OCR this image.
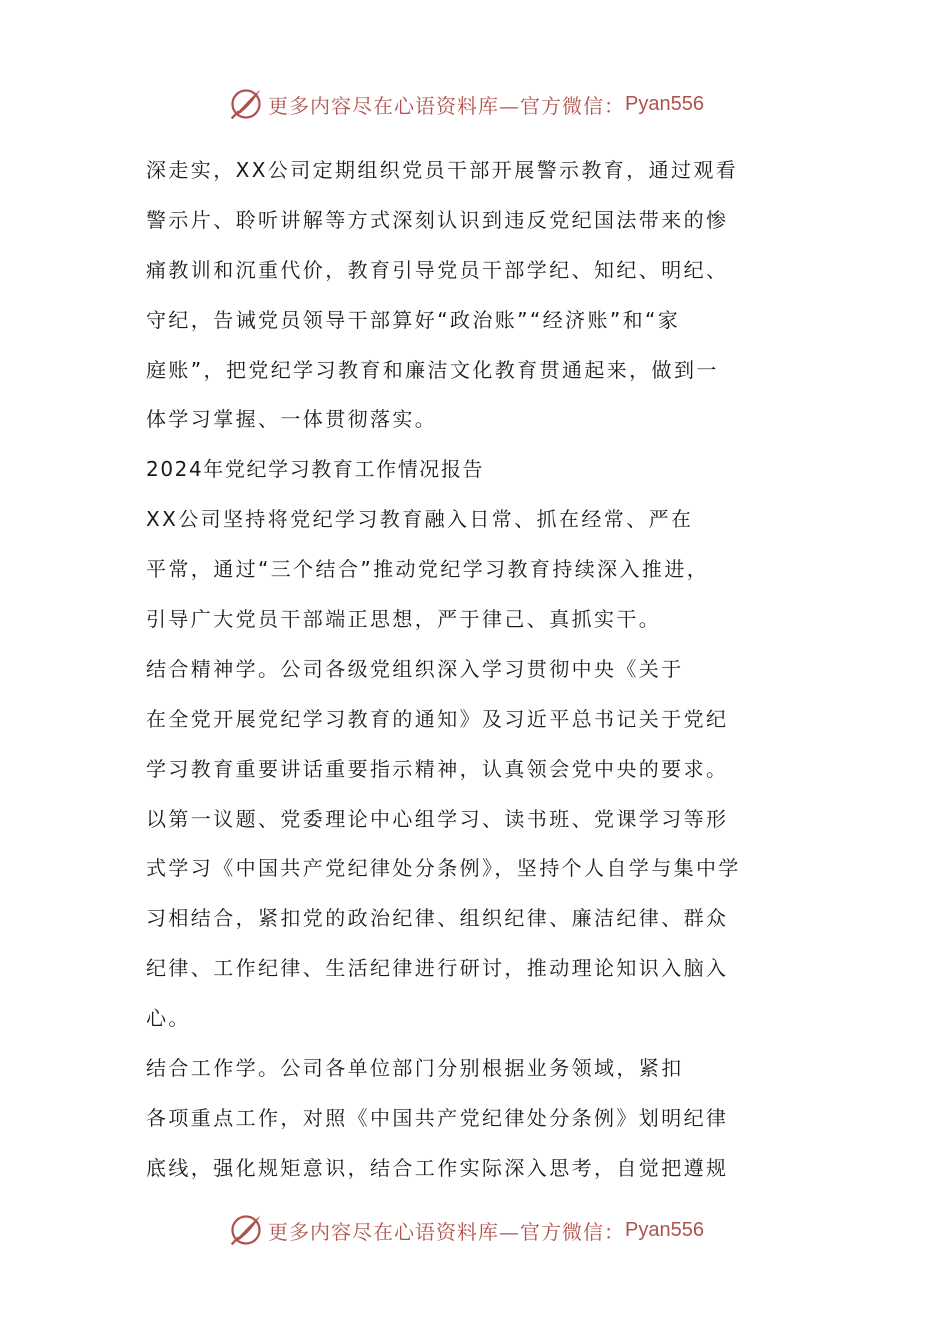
更多内容尽在心语资料库—官方微信： Pyan556
深走实，XX公司定期组织党员干部开展警示教育，通过观看
警示片、聆听讲解等方式深刻认识到违反党纪国法带来的惨
痛教训和沉重代价，教育引导党员干部学纪、知纪、明纪、
守纪，告诫党员领导干部算好“政治账”“经济账”和“家
庭账”，把党纪学习教育和廉洁文化教育贯通起来，做到一
体学习掌握、一体贯彻落实。
2024年党纪学习教育工作情况报告
XX公司坚持将党纪学习教育融入日常、抓在经常、严在
平常，通过“三个结合”推动党纪学习教育持续深入推进，
引导广大党员干部端正思想，严于律己、真抓实干。
结合精神学。公司各级党组织深入学习贯彻中央《关于
在全党开展党纪学习教育的通知》及习近平总书记关于党纪
学习教育重要讲话重要指示精神，认真领会党中央的要求。
以第一议题、党委理论中心组学习、读书班、党课学习等形
式学习《中国共产党纪律处分条例》，坚持个人自学与集中学
习相结合，紧扣党的政治纪律、组织纪律、廉洁纪律、群众
纪律、工作纪律、生活纪律进行研讨，推动理论知识入脑入
心。
结合工作学。公司各单位部门分别根据业务领域，紧扣
各项重点工作，对照《中国共产党纪律处分条例》划明纪律
底线，强化规矩意识，结合工作实际深入思考，自觉把遵规
更多内容尽在心语资料库—官方微信： Pyan556
